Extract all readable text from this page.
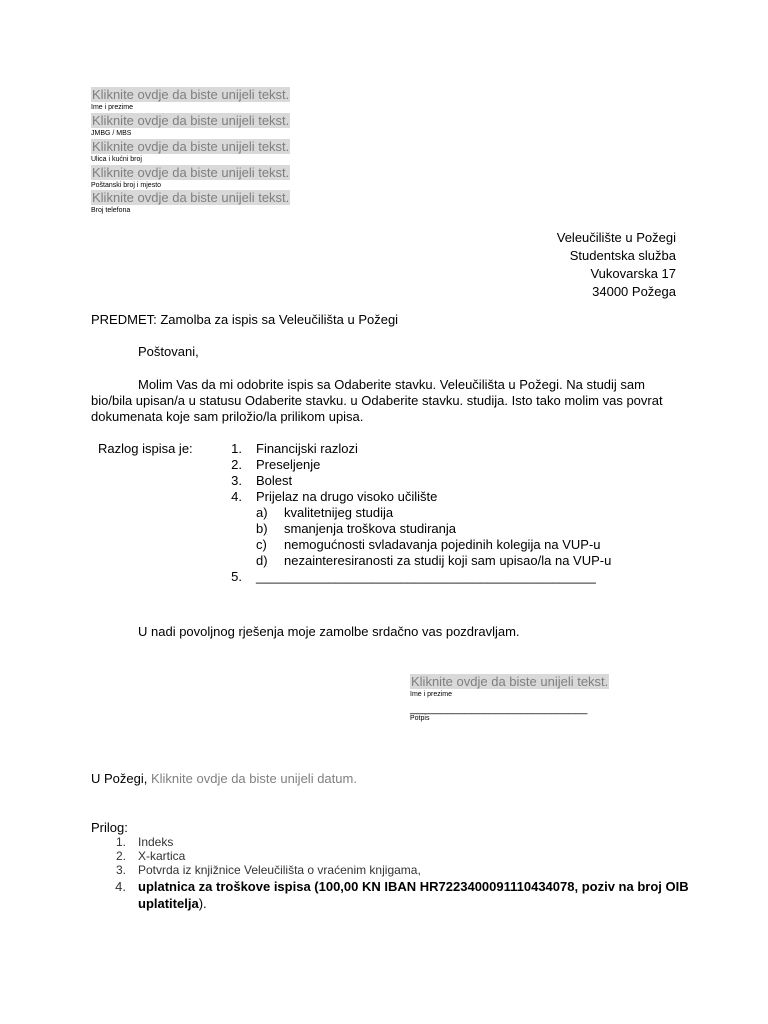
Kliknite ovdje da biste unijeli tekst.
Ime i prezime
Kliknite ovdje da biste unijeli tekst.
JMBG / MBS
Kliknite ovdje da biste unijeli tekst.
Ulica i kućni broj
Kliknite ovdje da biste unijeli tekst.
Poštanski broj i mjesto
Kliknite ovdje da biste unijeli tekst.
Broj telefona
Veleučilište u Požegi
Studentska služba
Vukovarska 17
34000 Požega
PREDMET: Zamolba za ispis sa Veleučilišta u Požegi
Poštovani,
Molim Vas da mi odobrite ispis sa Odaberite stavku. Veleučilišta u Požegi. Na studij sam
bio/bila upisan/a u statusu Odaberite stavku. u Odaberite stavku. studija. Isto tako molim vas povrat
dokumenata koje sam priložio/la prilikom upisa.
Razlog ispisa je:	1. Financijski razlozi
2. Preseljenje
3. Bolest
4. Prijelaz na drugo visoko učilište
a) kvalitetnijeg studija
b) smanjenja troškova studiranja
c) nemogućnosti svladavanja pojedinih kolegija na VUP-u
d) nezainteresiranosti za studij koji sam upisao/la na VUP-u
5. _______________________________________________
U nadi povoljnog rješenja moje zamolbe srdačno vas pozdravljam.
Kliknite ovdje da biste unijeli tekst.
Ime i prezime
_____________________________
Potpis
U Požegi, Kliknite ovdje da biste unijeli datum.
Prilog:
1. Indeks
2. X-kartica
3. Potvrda iz knjižnice Veleučilišta o vraćenim knjigama,
4. uplatnica za troškove ispisa (100,00 KN IBAN HR7223400091110434078, poziv na broj OIB
uplatitelja).
